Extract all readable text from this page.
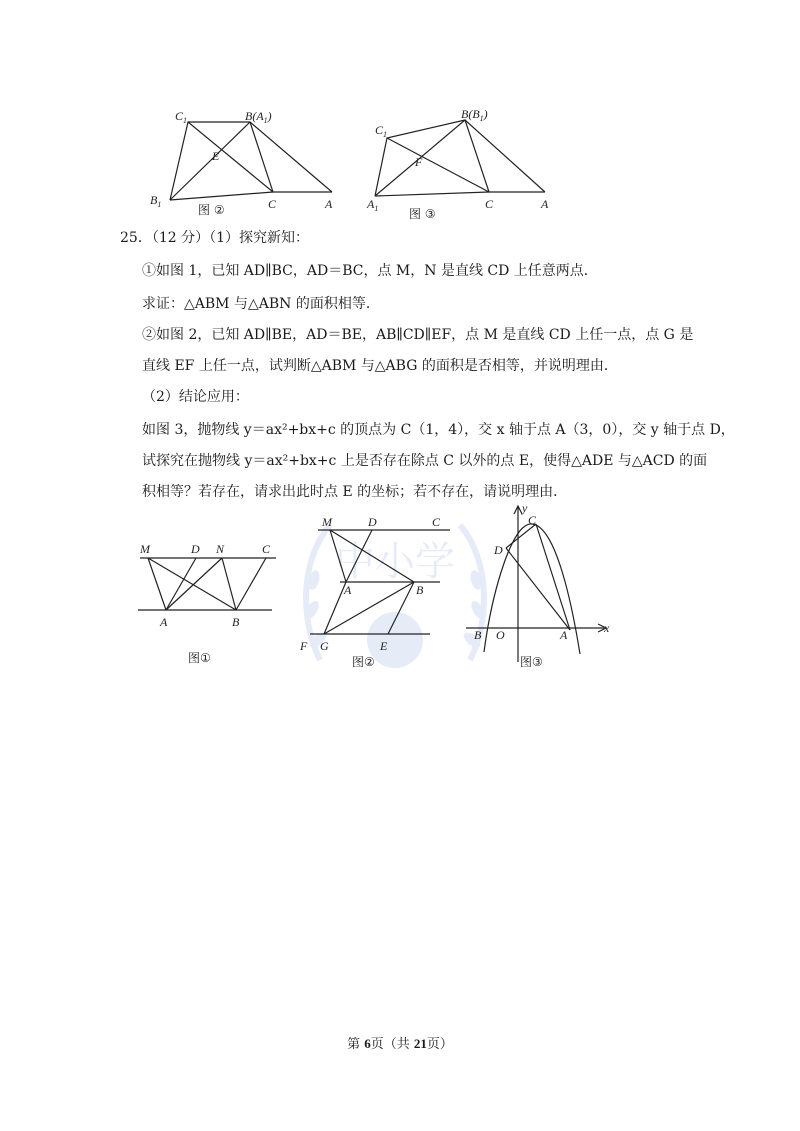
中小学
$C_1$	$B(A_1)$
E
$B_1$	C	A
图 ②
$C_1$
$B(B_1)$
F
$A_1$	C	A
图 ③
25．（12 分）（1）探究新知：
①如图 1，已知 AD∥BC，AD＝BC，点 M，N 是直线 CD 上任意两点．
求证：△ABM 与△ABN 的面积相等．
②如图 2，已知 AD∥BE，AD＝BE，AB∥CD∥EF，点 M 是直线 CD 上任一点，点 G 是
直线 EF 上任一点，试判断△ABM 与△ABG 的面积是否相等，并说明理由．
（2）结论应用：
如图 3，抛物线 y＝ax²+bx+c 的顶点为 C（1，4），交 x 轴于点 A（3，0），交 y 轴于点 D，
试探究在抛物线 y＝ax²+bx+c 上是否存在除点 C 以外的点 E，使得△ADE 与△ACD 的面
积相等？若存在，请求出此时点 E 的坐标；若不存在，请说明理由．
M	D N	C
A	B
图①
M	D	C
A	B
F G	E
图②
y
C
D
B O	A	x
图③
第 6页（共 21页）
